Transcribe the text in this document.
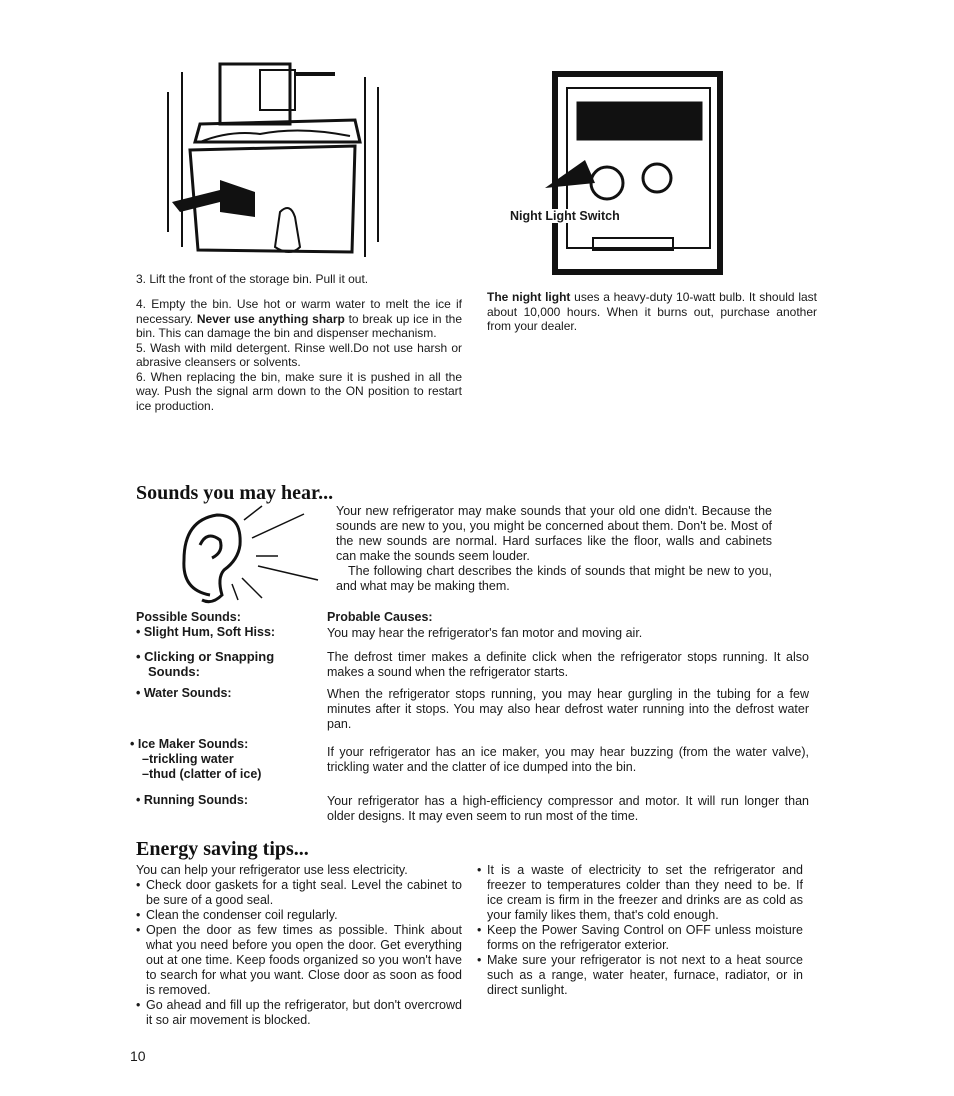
Night Light Switch
3. Lift the front of the storage bin. Pull it out.

4. Empty the bin. Use hot or warm water to melt the ice if necessary. Never use anything sharp to break up ice in the bin. This can damage the bin and dispenser mechanism.

5. Wash with mild detergent. Rinse well.Do not use harsh or abrasive cleansers or solvents.

6. When replacing the bin, make sure it is pushed in all the way. Push the signal arm down to the ON position to restart ice production.

The night light uses a heavy-duty 10-watt bulb. It should last about 10,000 hours. When it burns out, purchase another from your dealer.
Sounds you may hear...

Your new refrigerator may make sounds that your old one didn't. Because the sounds are new to you, you might be concerned about them. Don't be. Most of the new sounds are normal. Hard surfaces like the floor, walls and cabinets can make the sounds seem louder.

The following chart describes the kinds of sounds that might be new to you, and what may be making them.

Possible Sounds:	Probable Causes:
• Slight Hum, Soft Hiss:	You may hear the refrigerator's fan motor and moving air.
• Clicking or Snapping
Sounds:
The defrost timer makes a definite click when the refrigerator stops running. It also makes a sound when the refrigerator starts.
• Water Sounds:	When the refrigerator stops running, you may hear gurgling in the tubing for a few minutes after it stops. You may also hear defrost water running into the defrost water pan.
• Ice Maker Sounds:
–trickling water
–thud (clatter of ice)
If your refrigerator has an ice maker, you may hear buzzing (from the water valve), trickling water and the clatter of ice dumped into the bin.
• Running Sounds:	Your refrigerator has a high-efficiency compressor and motor. It will run longer than older designs. It may even seem to run most of the time.
Energy saving tips...

You can help your refrigerator use less electricity.

• Check door gaskets for a tight seal. Level the cabinet to be sure of a good seal.
• Clean the condenser coil regularly.
• Open the door as few times as possible. Think about what you need before you open the door. Get everything out at one time. Keep foods organized so you won't have to search for what you want. Close door as soon as food is removed.
• Go ahead and fill up the refrigerator, but don't overcrowd it so air movement is blocked.
• It is a waste of electricity to set the refrigerator and freezer to temperatures colder than they need to be. If ice cream is firm in the freezer and drinks are as cold as your family likes them, that's cold enough.
• Keep the Power Saving Control on OFF unless moisture forms on the refrigerator exterior.
• Make sure your refrigerator is not next to a heat source such as a range, water heater, furnace, radiator, or in direct sunlight.
10
